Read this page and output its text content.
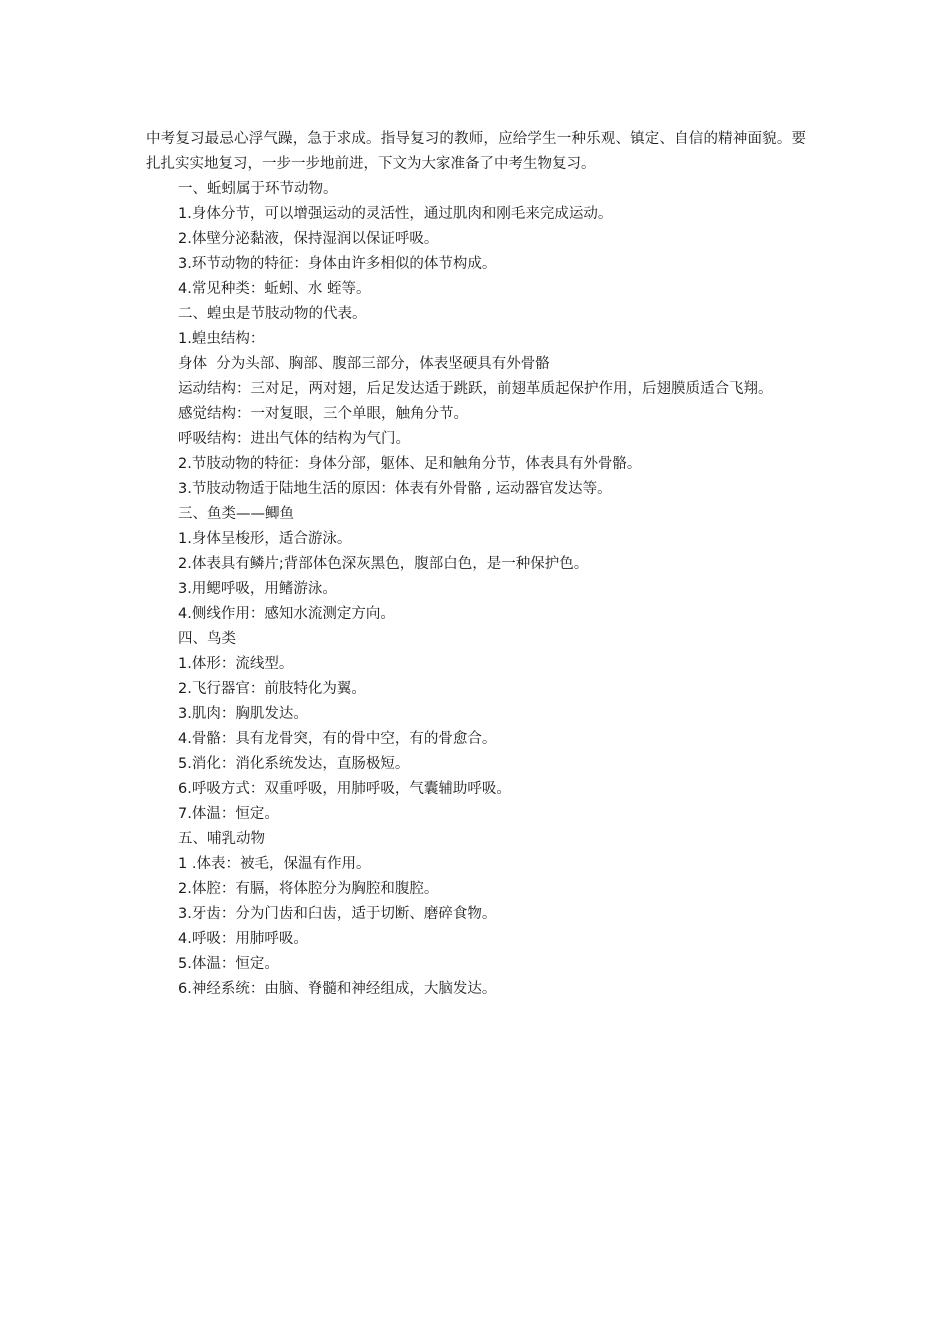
中考复习最忌心浮气躁，急于求成。指导复习的教师，应给学生一种乐观、镇定、自信的精神面貌。要扎扎实实地复习，一步一步地前进，下文为大家准备了中考生物复习。

一、蚯蚓属于环节动物。

1.身体分节，可以增强运动的灵活性，通过肌肉和刚毛来完成运动。

2.体壁分泌黏液，保持湿润以保证呼吸。

3.环节动物的特征：身体由许多相似的体节构成。

4.常见种类：蚯蚓、水 蛭等。

二、蝗虫是节肢动物的代表。

1.蝗虫结构：

身体  分为头部、胸部、腹部三部分，体表坚硬具有外骨骼

运动结构：三对足，两对翅，后足发达适于跳跃，前翅革质起保护作用，后翅膜质适合飞翔。

感觉结构：一对复眼，三个单眼，触角分节。

呼吸结构：进出气体的结构为气门。

2.节肢动物的特征：身体分部，躯体、足和触角分节，体表具有外骨骼。

3.节肢动物适于陆地生活的原因：体表有外骨骼 , 运动器官发达等。

三、鱼类——鲫鱼

1.身体呈梭形，适合游泳。

2.体表具有鳞片;背部体色深灰黑色，腹部白色，是一种保护色。

3.用鳃呼吸，用鳍游泳。

4.侧线作用：感知水流测定方向。

四、鸟类

1.体形：流线型。

2.飞行器官：前肢特化为翼。

3.肌肉：胸肌发达。

4.骨骼：具有龙骨突，有的骨中空，有的骨愈合。

5.消化：消化系统发达，直肠极短。

6.呼吸方式：双重呼吸，用肺呼吸，气囊辅助呼吸。

7.体温：恒定。

五、哺乳动物

1 .体表：被毛，保温有作用。

2.体腔：有膈，将体腔分为胸腔和腹腔。

3.牙齿：分为门齿和臼齿，适于切断、磨碎食物。

4.呼吸：用肺呼吸。

5.体温：恒定。

6.神经系统：由脑、脊髓和神经组成，大脑发达。
